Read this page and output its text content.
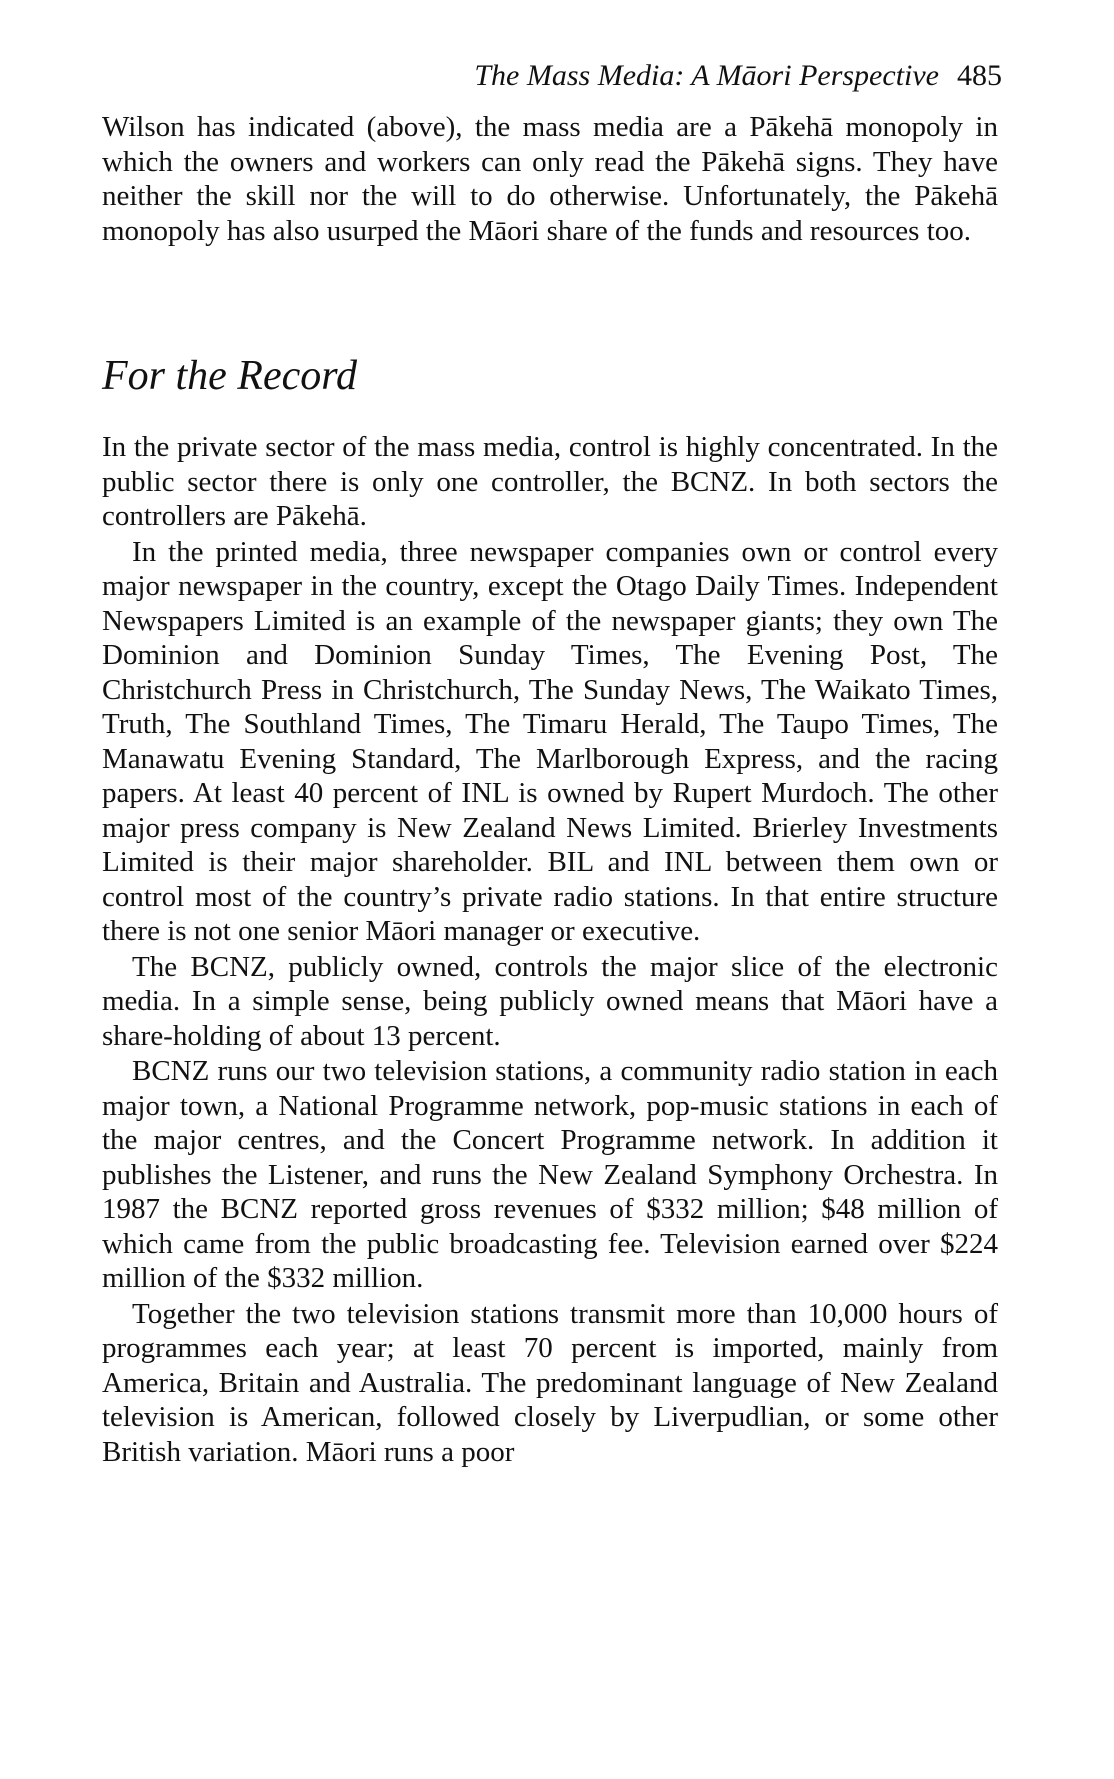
The Mass Media: A Māori Perspective 485

Wilson has indicated (above), the mass media are a Pākehā monopoly in which the owners and workers can only read the Pākehā signs. They have neither the skill nor the will to do otherwise. Unfortunately, the Pākehā monopoly has also usurped the Māori share of the funds and resources too.

For the Record

In the private sector of the mass media, control is highly concentrated. In the public sector there is only one controller, the BCNZ. In both sectors the controllers are Pākehā.

In the printed media, three newspaper companies own or control every major newspaper in the country, except the Otago Daily Times. Independent Newspapers Limited is an example of the newspaper giants; they own The Dominion and Dominion Sunday Times, The Evening Post, The Christchurch Press in Christchurch, The Sunday News, The Waikato Times, Truth, The Southland Times, The Timaru Herald, The Taupo Times, The Manawatu Evening Standard, The Marlborough Express, and the racing papers. At least 40 percent of INL is owned by Rupert Murdoch. The other major press company is New Zealand News Limited. Brierley Investments Limited is their major shareholder. BIL and INL between them own or control most of the country’s private radio stations. In that entire structure there is not one senior Māori manager or executive.

The BCNZ, publicly owned, controls the major slice of the electronic media. In a simple sense, being publicly owned means that Māori have a share-holding of about 13 percent.

BCNZ runs our two television stations, a community radio station in each major town, a National Programme network, pop-music stations in each of the major centres, and the Concert Programme network. In addition it publishes the Listener, and runs the New Zealand Symphony Orchestra. In 1987 the BCNZ reported gross revenues of $332 million; $48 million of which came from the public broadcasting fee. Television earned over $224 million of the $332 million.

Together the two television stations transmit more than 10,000 hours of programmes each year; at least 70 percent is imported, mainly from America, Britain and Australia. The predominant language of New Zealand television is American, followed closely by Liverpudlian, or some other British variation. Māori runs a poor
